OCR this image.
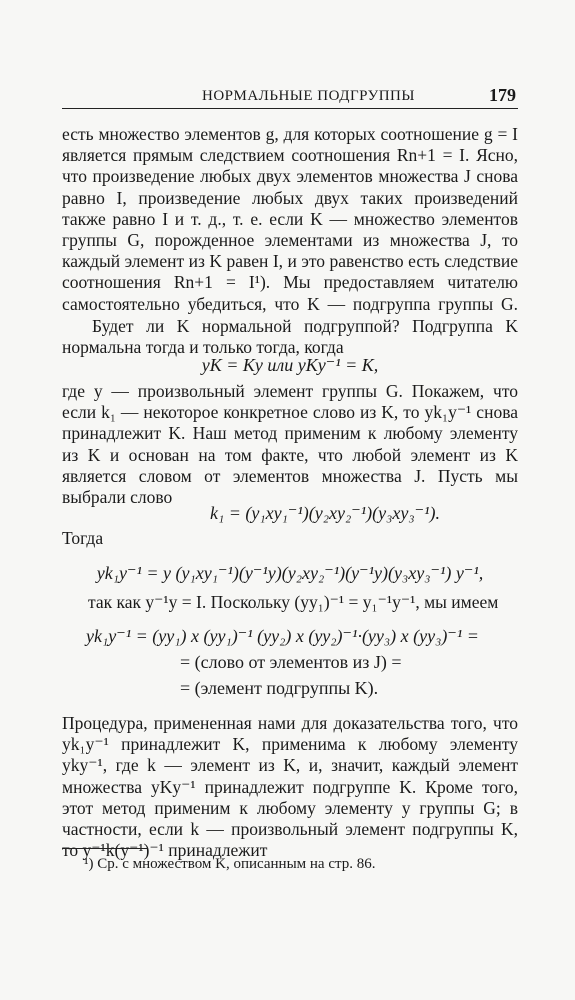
НОРМАЛЬНЫЕ ПОДГРУППЫ	179
есть множество элементов g, для которых соотношение g = I является прямым следствием соотношения Rn+1 = I. Ясно, что произведение любых двух элементов множества J снова равно I, произведение любых двух таких произведений также равно I и т. д., т. е. если K — множество элементов группы G, порожденное элементами из множества J, то каждый элемент из K равен I, и это равенство есть следствие соотношения Rn+1 = I¹). Мы предоставляем читателю самостоятельно убедиться, что K — подгруппа группы G.
Будет ли K нормальной подгруппой? Подгруппа K нормальна тогда и только тогда, когда
yK = Ky или yKy⁻¹ = K,
где y — произвольный элемент группы G. Покажем, что если k₁ — некоторое конкретное слово из K, то yk₁y⁻¹ снова принадлежит K. Наш метод применим к любому элементу из K и основан на том факте, что любой элемент из K является словом от элементов множества J. Пусть мы выбрали слово
k₁ = (y₁xy₁⁻¹)(y₂xy₂⁻¹)(y₃xy₃⁻¹).
Тогда
yk₁y⁻¹ = y (y₁xy₁⁻¹)(y⁻¹y)(y₂xy₂⁻¹)(y⁻¹y)(y₃xy₃⁻¹) y⁻¹,
так как y⁻¹y = I. Поскольку (yy₁)⁻¹ = y₁⁻¹y⁻¹, мы имеем
yk₁y⁻¹ = (yy₁) x (yy₁)⁻¹ (yy₂) x (yy₂)⁻¹·(yy₃) x (yy₃)⁻¹ =
= (слово от элементов из J) =
= (элемент подгруппы K).
Процедура, примененная нами для доказательства того, что yk₁y⁻¹ принадлежит K, применима к любому элементу yky⁻¹, где k — элемент из K, и, значит, каждый элемент множества yKy⁻¹ принадлежит подгруппе K. Кроме того, этот метод применим к любому элементу y группы G; в частности, если k — произвольный элемент подгруппы K, то y⁻¹k(y⁻¹)⁻¹ принадлежит
¹) Ср. с множеством K, описанным на стр. 86.
